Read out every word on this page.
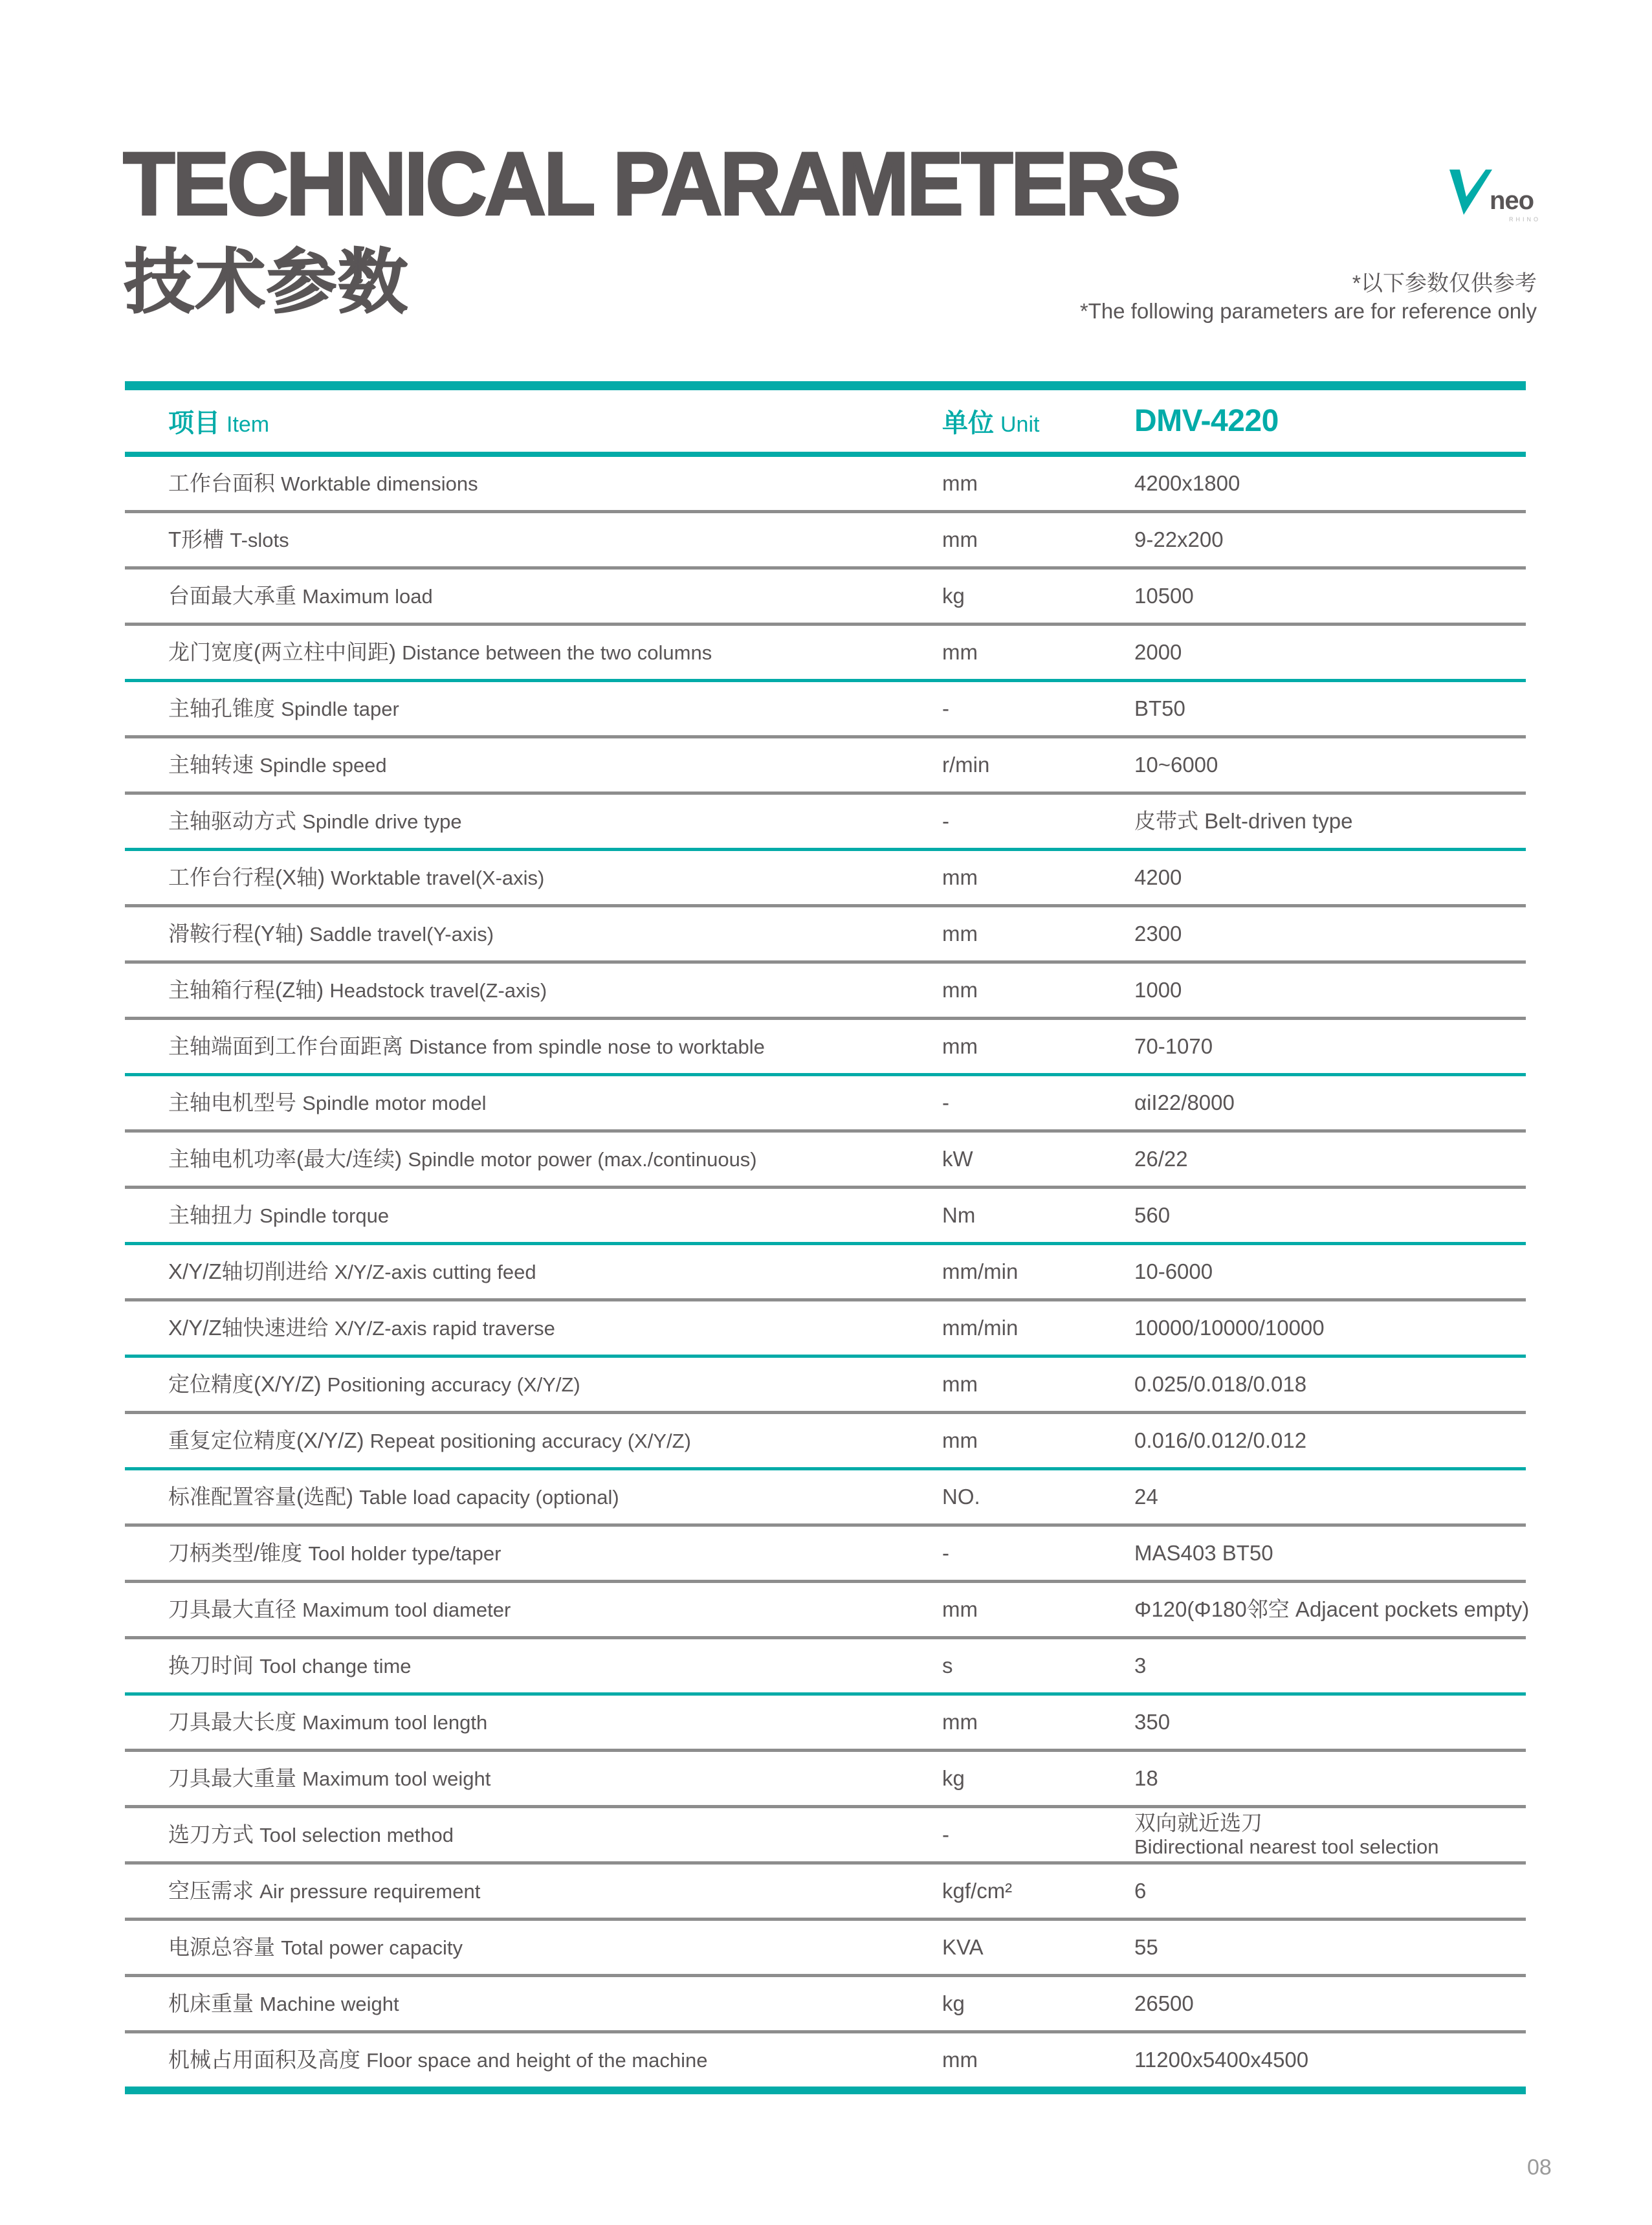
TECHNICAL PARAMETERS
技术参数
neo
RHINO
*以下参数仅供参考
*The following parameters are for reference only
项目 Item	单位 Unit	DMV-4220
工作台面积 Worktable dimensions	mm	4200x1800
T形槽 T-slots	mm	9-22x200
台面最大承重 Maximum load	kg	10500
龙门宽度(两立柱中间距) Distance between the two columns	mm	2000
主轴孔锥度 Spindle taper	-	BT50
主轴转速 Spindle speed	r/min	10~6000
主轴驱动方式 Spindle drive type	-	皮带式 Belt-driven type
工作台行程(X轴) Worktable travel(X-axis)	mm	4200
滑鞍行程(Y轴) Saddle travel(Y-axis)	mm	2300
主轴箱行程(Z轴) Headstock travel(Z-axis)	mm	1000
主轴端面到工作台面距离 Distance from spindle nose to worktable	mm	70-1070
主轴电机型号 Spindle motor model	-	αiI22/8000
主轴电机功率(最大/连续) Spindle motor power (max./continuous)	kW	26/22
主轴扭力 Spindle torque	Nm	560
X/Y/Z轴切削进给 X/Y/Z-axis cutting feed	mm/min	10-6000
X/Y/Z轴快速进给 X/Y/Z-axis rapid traverse	mm/min	10000/10000/10000
定位精度(X/Y/Z) Positioning accuracy (X/Y/Z)	mm	0.025/0.018/0.018
重复定位精度(X/Y/Z) Repeat positioning accuracy (X/Y/Z)	mm	0.016/0.012/0.012
标准配置容量(选配) Table load capacity (optional)	NO.	24
刀柄类型/锥度 Tool holder type/taper	-	MAS403 BT50
刀具最大直径 Maximum tool diameter	mm	Φ120(Φ180邻空 Adjacent pockets empty)
换刀时间 Tool change time	s	3
刀具最大长度 Maximum tool length	mm	350
刀具最大重量 Maximum tool weight	kg	18
选刀方式 Tool selection method	-	双向就近选刀
Bidirectional nearest tool selection
空压需求 Air pressure requirement	kgf/cm²	6
电源总容量 Total power capacity	KVA	55
机床重量 Machine weight	kg	26500
机械占用面积及高度 Floor space and height of the machine	mm	11200x5400x4500
08
